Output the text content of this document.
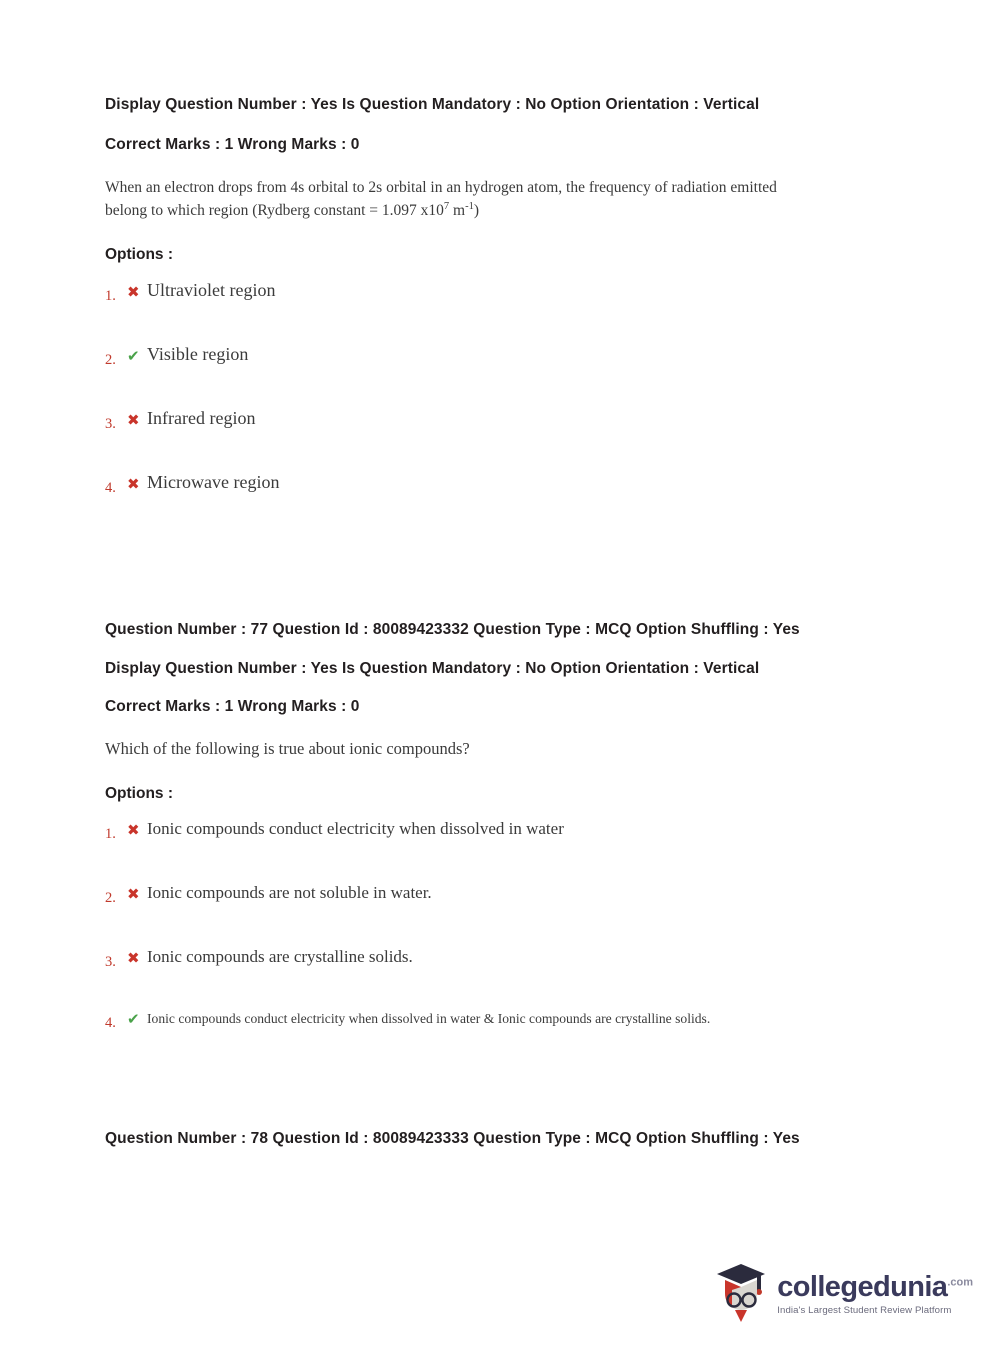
Display Question Number : Yes Is Question Mandatory : No Option Orientation : Vertical
Correct Marks : 1 Wrong Marks : 0
When an electron drops from 4s orbital to 2s orbital in an hydrogen atom, the frequency of radiation emitted
belong to which region (Rydberg constant = 1.097 $x10^7$ $m^{-1}$)
Options :
1. ✖ Ultraviolet region
2. ✔ Visible region
3. ✖ Infrared region
4. ✖ Microwave region
Question Number : 77 Question Id : 80089423332 Question Type : MCQ Option Shuffling : Yes
Display Question Number : Yes Is Question Mandatory : No Option Orientation : Vertical
Correct Marks : 1 Wrong Marks : 0
Which of the following is true about ionic compounds?
Options :
1. ✖ Ionic compounds conduct electricity when dissolved in water
2. ✖ Ionic compounds are not soluble in water.
3. ✖ Ionic compounds are crystalline solids.
4. ✔ Ionic compounds conduct electricity when dissolved in water & Ionic compounds are crystalline solids.
Question Number : 78 Question Id : 80089423333 Question Type : MCQ Option Shuffling : Yes
collegedunia$^{.com}$
India's Largest Student Review Platform
